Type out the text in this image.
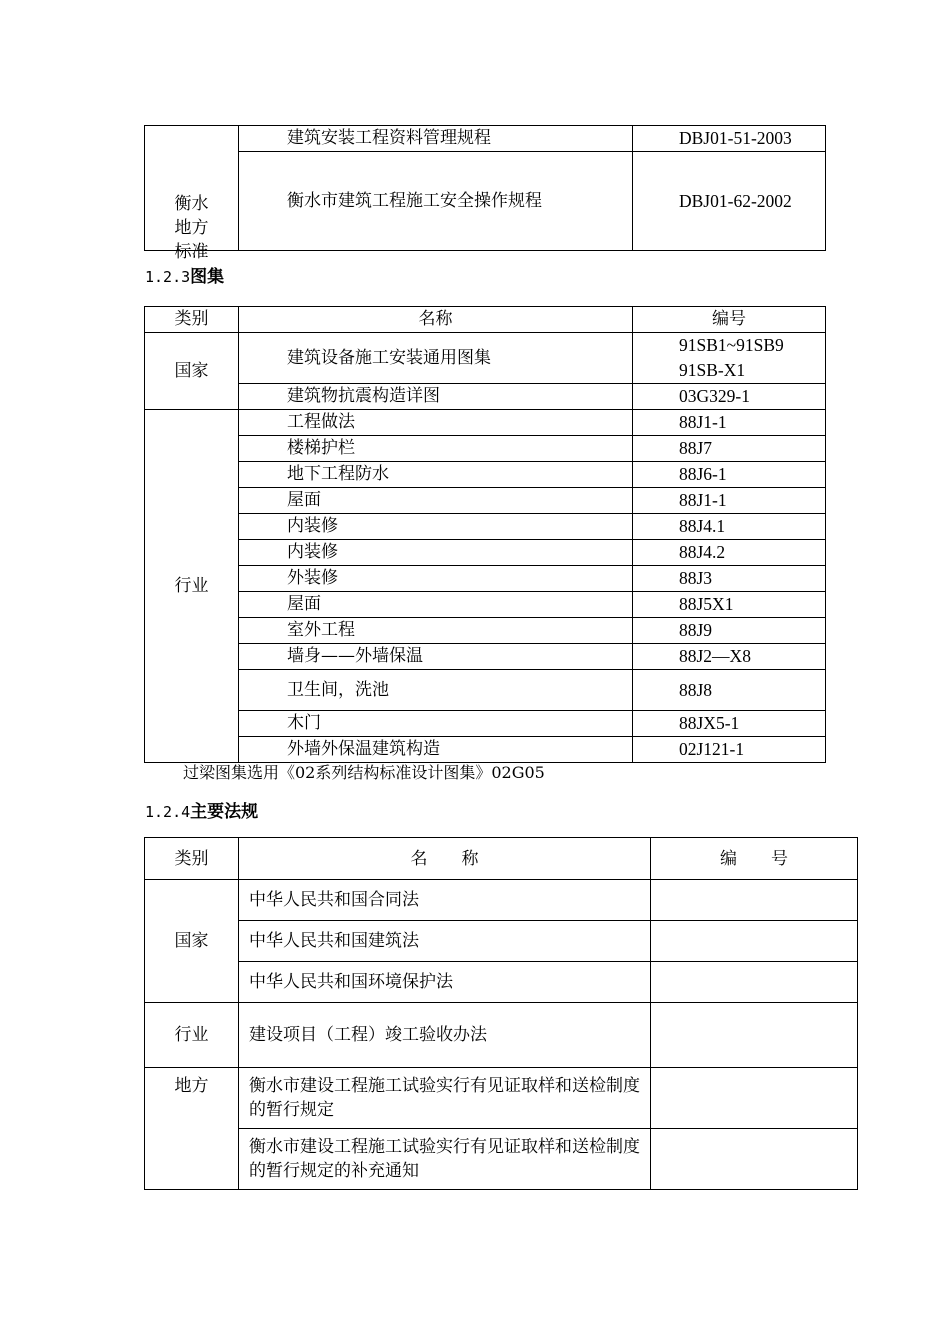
衡水地方标准	建筑安装工程资料管理规程	DBJ01-51-2003
	衡水市建筑工程施工安全操作规程	DBJ01-62-2002
1.2.3图集
类别	名称	编号
国家	建筑设备施工安装通用图集	91SB1~91SB9
91SB-X1
	建筑物抗震构造详图	03G329-1
行业	工程做法	88J1-1
	楼梯护栏	88J7
	地下工程防水	88J6-1
	屋面	88J1-1
	内装修	88J4.1
	内装修	88J4.2
	外装修	88J3
	屋面	88J5X1
	室外工程	88J9
	墙身——外墙保温	88J2—X8
	卫生间，洗池	88J8
	木门	88JX5-1
	外墙外保温建筑构造	02J121-1
过梁图集选用《02系列结构标准设计图集》02G05
1.2.4主要法规
类别	名　　称	编　　号
国家	中华人民共和国合同法	
	中华人民共和国建筑法	
	中华人民共和国环境保护法	
行业	建设项目（工程）竣工验收办法	
地方	衡水市建设工程施工试验实行有见证取样和送检制度的暂行规定	
	衡水市建设工程施工试验实行有见证取样和送检制度的暂行规定的补充通知	
